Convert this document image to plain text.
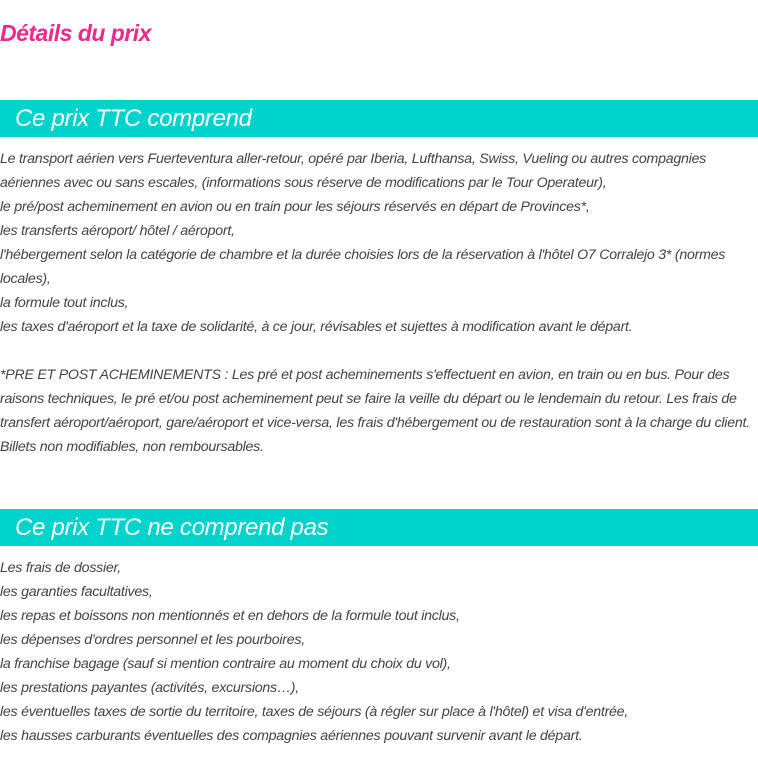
Détails du prix
Ce prix TTC comprend

Le transport aérien vers Fuerteventura aller-retour, opéré par Iberia, Lufthansa, Swiss, Vueling ou autres compagnies aériennes avec ou sans escales, (informations sous réserve de modifications par le Tour Operateur),

le pré/post acheminement en avion ou en train pour les séjours réservés en départ de Provinces*,

les transferts aéroport/ hôtel / aéroport,

l'hébergement selon la catégorie de chambre et la durée choisies lors de la réservation à l'hôtel O7 Corralejo 3* (normes locales),

la formule tout inclus,

les taxes d'aéroport et la taxe de solidarité, à ce jour, révisables et sujettes à modification avant le départ.

*PRE ET POST ACHEMINEMENTS : Les pré et post acheminements s'effectuent en avion, en train ou en bus. Pour des raisons techniques, le pré et/ou post acheminement peut se faire la veille du départ ou le lendemain du retour. Les frais de transfert aéroport/aéroport, gare/aéroport et vice-versa, les frais d'hébergement ou de restauration sont à la charge du client. Billets non modifiables, non remboursables.

Ce prix TTC ne comprend pas

Les frais de dossier,

les garanties facultatives,

les repas et boissons non mentionnés et en dehors de la formule tout inclus,

les dépenses d'ordres personnel et les pourboires,

la franchise bagage (sauf si mention contraire au moment du choix du vol),

les prestations payantes (activités, excursions…),

les éventuelles taxes de sortie du territoire, taxes de séjours (à régler sur place à l'hôtel) et visa d'entrée,

les hausses carburants éventuelles des compagnies aériennes pouvant survenir avant le départ.
